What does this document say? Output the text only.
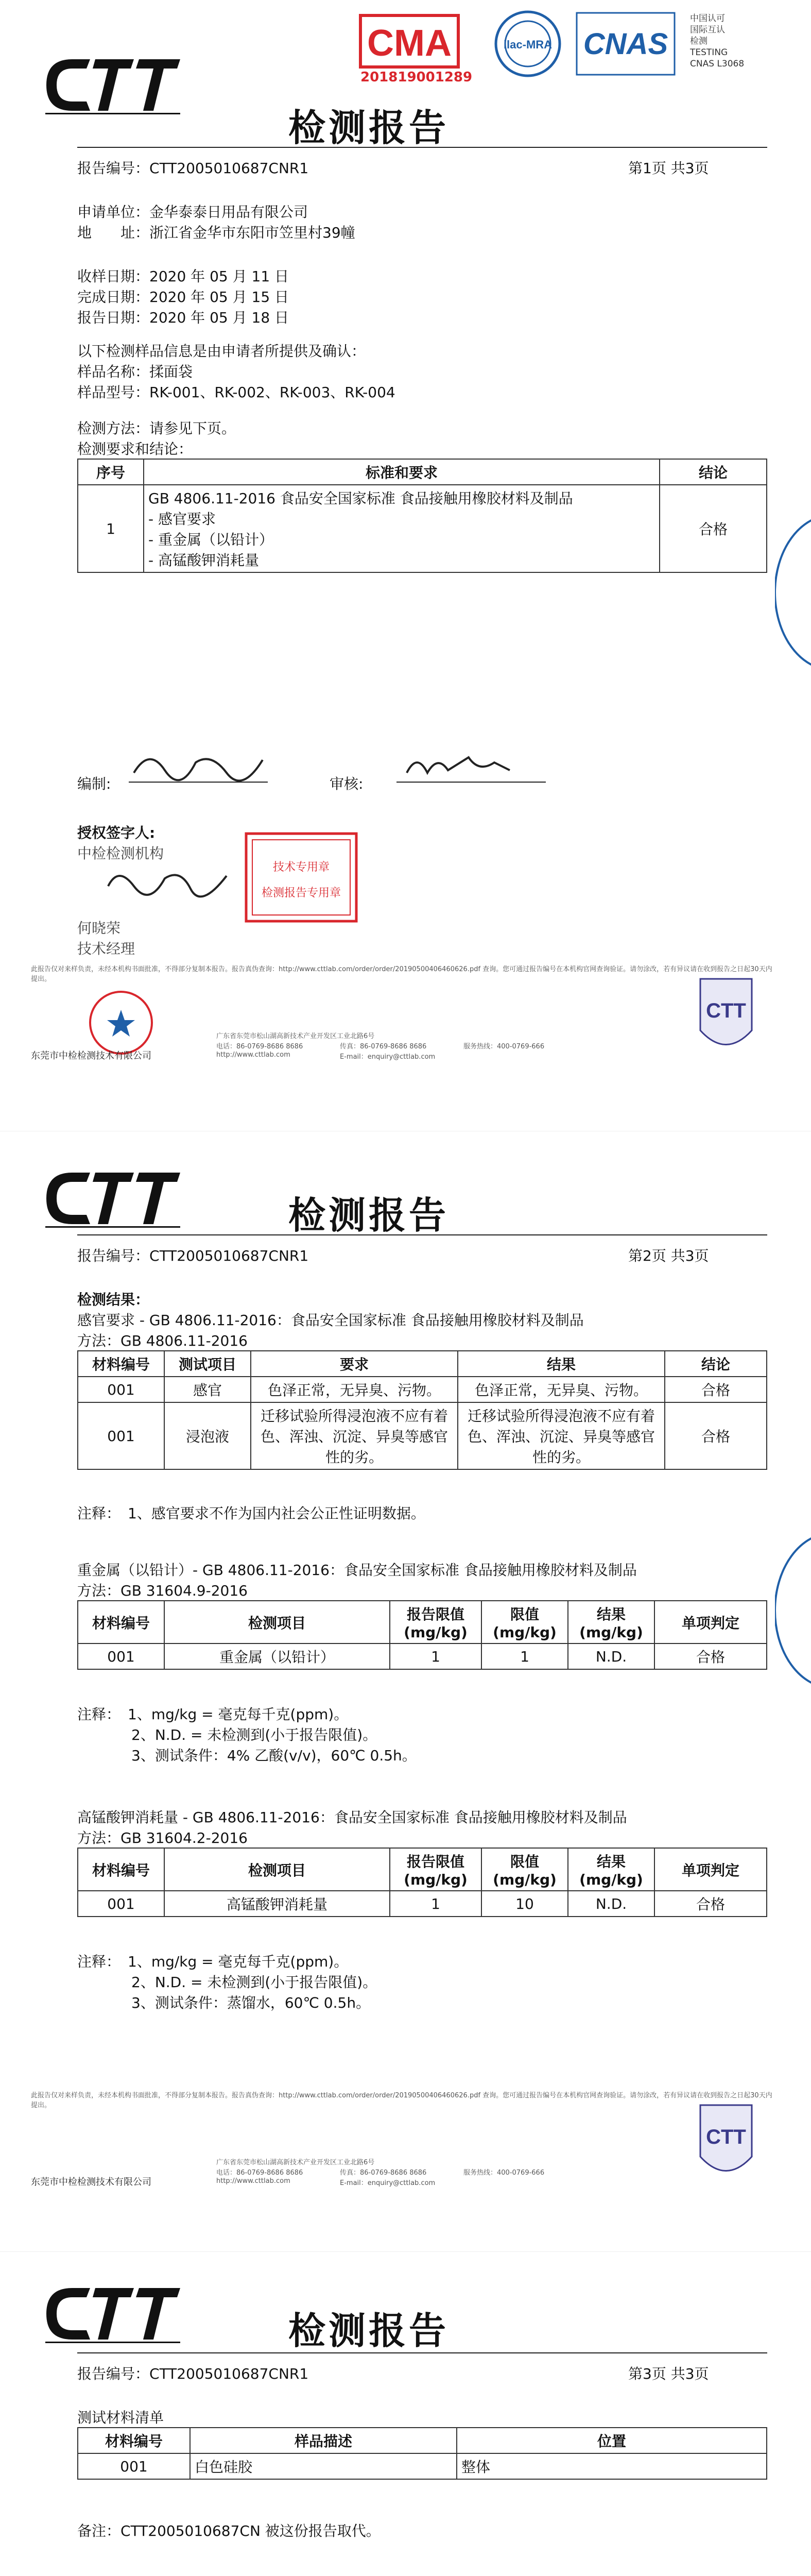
CMA	ilac-MRA CNAS
201819001289
中国认可
国际互认
检测
TESTING
CNAS L3068
检测报告
报告编号：CTT2005010687CNR1	第1页 共3页
申请单位：金华泰泰日用品有限公司
地　　址：浙江省金华市东阳市笠里村39幢
收样日期：2020 年 05 月 11 日
完成日期：2020 年 05 月 15 日
报告日期：2020 年 05 月 18 日
以下检测样品信息是由申请者所提供及确认：
样品名称：揉面袋
样品型号：RK-001、RK-002、RK-003、RK-004
检测方法：请参见下页。
检测要求和结论：
序号	标准和要求	结论
1	GB 4806.11-2016 食品安全国家标准 食品接触用橡胶材料及制品
- 感官要求
- 重金属（以铅计）
- 高锰酸钾消耗量	合格
编制:	审核:
授权签字人:
中检检测机构
技术专用章
检测报告专用章
何晓荣
技术经理
此报告仅对来样负责，未经本机构书面批准，不得部分复制本报告。报告真伪查询：http://www.cttlab.com/order/order/20190500406460626.pdf 查询。您可通过报告编号在本机构官网查询验证。请勿涂改，若有异议请在收到报告之日起30天内提出。
东莞市中检检测技术有限公司
广东省东莞市松山湖高新技术产业开发区工业北路6号
电话：86-0769-8686 8686	传真：86-0769-8686 8686	服务热线：400-0769-666
http://www.cttlab.com	E-mail：enquiry@cttlab.com
CTT
检测报告
报告编号：CTT2005010687CNR1	第2页 共3页
检测结果：
感官要求 - GB 4806.11-2016：食品安全国家标准 食品接触用橡胶材料及制品
方法：GB 4806.11-2016
材料编号	测试项目	要求	结果	结论
001	感官	色泽正常，无异臭、污物。	色泽正常，无异臭、污物。	合格
001	浸泡液	迁移试验所得浸泡液不应有着色、浑浊、沉淀、异臭等感官性的劣。	迁移试验所得浸泡液不应有着色、浑浊、沉淀、异臭等感官性的劣。	合格
注释：　1、感官要求不作为国内社会公正性证明数据。
重金属（以铅计）- GB 4806.11-2016：食品安全国家标准 食品接触用橡胶材料及制品
方法：GB 31604.9-2016
材料编号	检测项目	报告限值 (mg/kg)	限值 (mg/kg)	结果 (mg/kg)	单项判定
001	重金属（以铅计）	1	1	N.D.	合格
注释：　1、mg/kg = 毫克每千克(ppm)。
2、N.D. = 未检测到(小于报告限值)。
3、测试条件：4% 乙酸(v/v)，60℃ 0.5h。
高锰酸钾消耗量 - GB 4806.11-2016：食品安全国家标准 食品接触用橡胶材料及制品
方法：GB 31604.2-2016
材料编号	检测项目	报告限值 (mg/kg)	限值 (mg/kg)	结果 (mg/kg)	单项判定
001	高锰酸钾消耗量	1	10	N.D.	合格
注释：　1、mg/kg = 毫克每千克(ppm)。
2、N.D. = 未检测到(小于报告限值)。
3、测试条件：蒸馏水，60℃ 0.5h。
此报告仅对来样负责，未经本机构书面批准，不得部分复制本报告。报告真伪查询：http://www.cttlab.com/order/order/20190500406460626.pdf 查询。您可通过报告编号在本机构官网查询验证。请勿涂改，若有异议请在收到报告之日起30天内提出。
东莞市中检检测技术有限公司
广东省东莞市松山湖高新技术产业开发区工业北路6号
电话：86-0769-8686 8686	传真：86-0769-8686 8686	服务热线：400-0769-666
http://www.cttlab.com	E-mail：enquiry@cttlab.com
CTT
检测报告
报告编号：CTT2005010687CNR1	第3页 共3页
测试材料清单
材料编号	样品描述	位置
001	白色硅胶	整体
备注：CTT2005010687CN 被这份报告取代。
